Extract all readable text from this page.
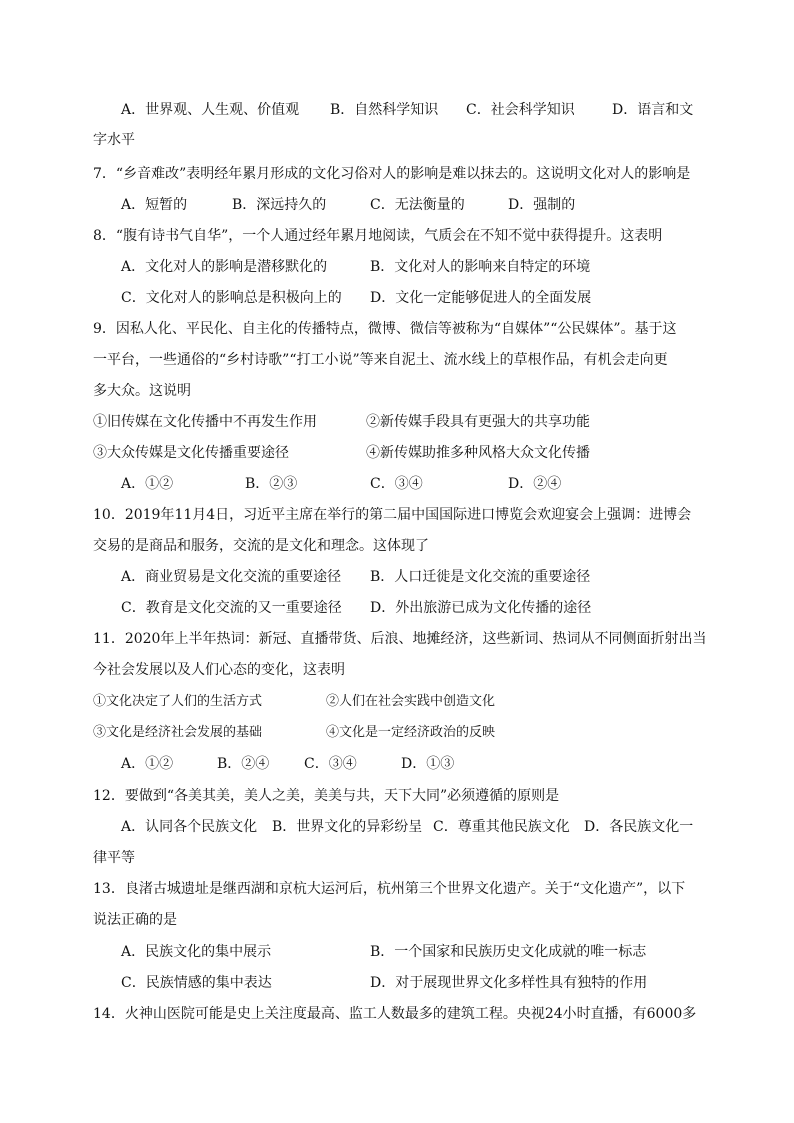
A．世界观、人生观、价值观 B．自然科学知识 C．社会科学知识	D．语言和文
字水平
7．“乡音难改”表明经年累月形成的文化习俗对人的影响是难以抹去的。这说明文化对人的影响是
A．短暂的	B．深远持久的	C．无法衡量的	D．强制的
8．“腹有诗书气自华”，一个人通过经年累月地阅读，气质会在不知不觉中获得提升。这表明
A．文化对人的影响是潜移默化的	B．文化对人的影响来自特定的环境
C．文化对人的影响总是积极向上的 D．文化一定能够促进人的全面发展
9．因私人化、平民化、自主化的传播特点，微博、微信等被称为“自媒体”“公民媒体”。基于这
一平台，一些通俗的“乡村诗歌”“打工小说”等来自泥土、流水线上的草根作品，有机会走向更
多大众。这说明
①旧传媒在文化传播中不再发生作用	②新传媒手段具有更强大的共享功能
③大众传媒是文化传播重要途径	④新传媒助推多种风格大众文化传播
A．①②	B．②③	C．③④	D．②④
10．2019年11月4日，习近平主席在举行的第二届中国国际进口博览会欢迎宴会上强调：进博会
交易的是商品和服务，交流的是文化和理念。这体现了
A．商业贸易是文化交流的重要途径 B．人口迁徙是文化交流的重要途径
C．教育是文化交流的又一重要途径 D．外出旅游已成为文化传播的途径
11．2020年上半年热词：新冠、直播带货、后浪、地摊经济，这些新词、热词从不同侧面折射出当
今社会发展以及人们心态的变化，这表明
①文化决定了人们的生活方式	②人们在社会实践中创造文化
③文化是经济社会发展的基础	④文化是一定经济政治的反映
A．①②	B．②④ C．③④	D．①③
12．要做到“各美其美，美人之美，美美与共，天下大同”必须遵循的原则是
A．认同各个民族文化 B．世界文化的异彩纷呈 C．尊重其他民族文化 D．各民族文化一
律平等
13．良渚古城遗址是继西湖和京杭大运河后，杭州第三个世界文化遗产。关于“文化遗产”，以下
说法正确的是
A．民族文化的集中展示	B．一个国家和民族历史文化成就的唯一标志
C．民族情感的集中表达	D．对于展现世界文化多样性具有独特的作用
14．火神山医院可能是史上关注度最高、监工人数最多的建筑工程。央视24小时直播，有6000多
